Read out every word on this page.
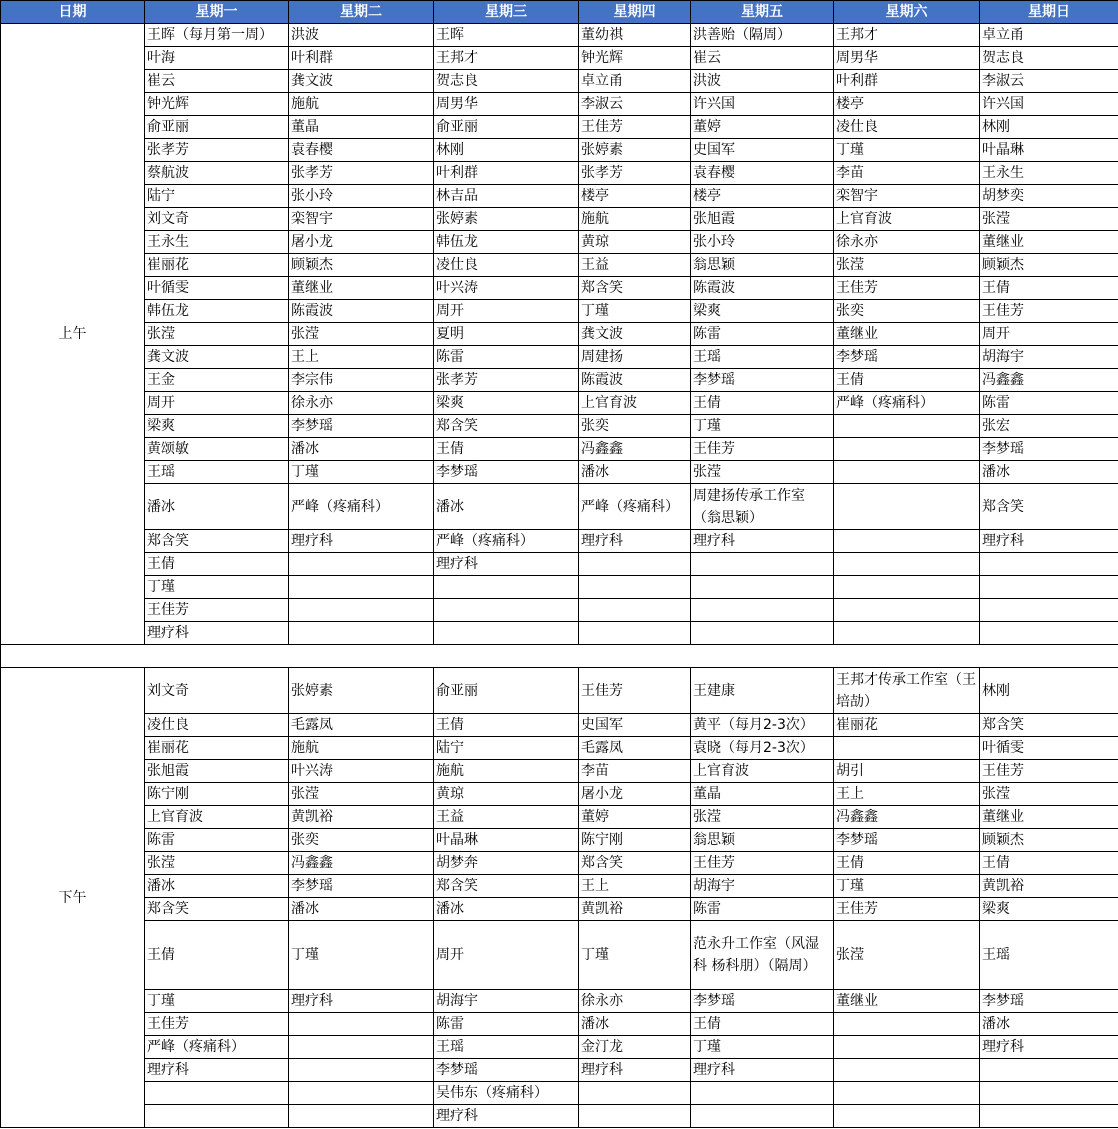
日期	星期一	星期二	星期三	星期四	星期五	星期六	星期日
上午	王晖（每月第一周）	洪波	王晖	董幼祺	洪善贻（隔周）	王邦才	卓立甬
	叶海	叶利群	王邦才	钟光辉	崔云	周男华	贺志良
	崔云	龚文波	贺志良	卓立甬	洪波	叶利群	李淑云
	钟光辉	施航	周男华	李淑云	许兴国	楼亭	许兴国
	俞亚丽	董晶	俞亚丽	王佳芳	董婷	凌仕良	林刚
	张孝芳	袁春樱	林刚	张婷素	史国军	丁瑾	叶晶琳
	蔡航波	张孝芳	叶利群	张孝芳	袁春樱	李苗	王永生
	陆宁	张小玲	林吉品	楼亭	楼亭	栾智宇	胡梦奕
	刘文奇	栾智宇	张婷素	施航	张旭霞	上官育波	张滢
	王永生	屠小龙	韩伍龙	黄琼	张小玲	徐永亦	董继业
	崔丽花	顾颖杰	凌仕良	王益	翁思颖	张滢	顾颖杰
	叶循雯	董继业	叶兴涛	郑含笑	陈霞波	王佳芳	王倩
	韩伍龙	陈霞波	周开	丁瑾	梁爽	张奕	王佳芳
	张滢	张滢	夏明	龚文波	陈雷	董继业	周开
	龚文波	王上	陈雷	周建扬	王瑶	李梦瑶	胡海宇
	王金	李宗伟	张孝芳	陈霞波	李梦瑶	王倩	冯鑫鑫
	周开	徐永亦	梁爽	上官育波	王倩	严峰（疼痛科）	陈雷
	梁爽	李梦瑶	郑含笑	张奕	丁瑾		张宏
	黄颂敏	潘冰	王倩	冯鑫鑫	王佳芳		李梦瑶
	王瑶	丁瑾	李梦瑶	潘冰	张滢		潘冰
	潘冰	严峰（疼痛科）	潘冰	严峰（疼痛科）	周建扬传承工作室（翁思颖）		郑含笑
	郑含笑	理疗科	严峰（疼痛科）	理疗科	理疗科		理疗科
	王倩		理疗科				
	丁瑾						
	王佳芳						
	理疗科						

下午	刘文奇	张婷素	俞亚丽	王佳芳	王建康	王邦才传承工作室（王培劼）	林刚
	凌仕良	毛露凤	王倩	史国军	黄平（每月2-3次）	崔丽花	郑含笑
	崔丽花	施航	陆宁	毛露凤	袁晓（每月2-3次）		叶循雯
	张旭霞	叶兴涛	施航	李苗	上官育波	胡引	王佳芳
	陈宁刚	张滢	黄琼	屠小龙	董晶	王上	张滢
	上官育波	黄凯裕	王益	董婷	张滢	冯鑫鑫	董继业
	陈雷	张奕	叶晶琳	陈宁刚	翁思颖	李梦瑶	顾颖杰
	张滢	冯鑫鑫	胡梦奔	郑含笑	王佳芳	王倩	王倩
	潘冰	李梦瑶	郑含笑	王上	胡海宇	丁瑾	黄凯裕
	郑含笑	潘冰	潘冰	黄凯裕	陈雷	王佳芳	梁爽
	王倩	丁瑾	周开	丁瑾	范永升工作室（风湿科 杨科朋）（隔周）	张滢	王瑶
	丁瑾	理疗科	胡海宇	徐永亦	李梦瑶	董继业	李梦瑶
	王佳芳		陈雷	潘冰	王倩		潘冰
	严峰（疼痛科）		王瑶	金汀龙	丁瑾		理疗科
	理疗科		李梦瑶	理疗科	理疗科		
			吴伟东（疼痛科）				
			理疗科				
